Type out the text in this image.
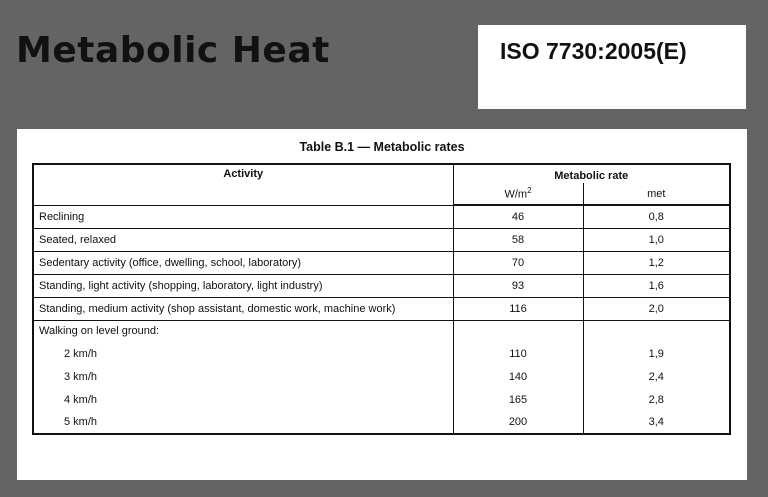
Metabolic Heat	ISO 7730:2005(E)
Table B.1 — Metabolic rates
Activity	Metabolic rate	
	$W/m^2$	met
Reclining	46	0,8
Seated, relaxed	58	1,0
Sedentary activity (office, dwelling, school, laboratory)	70	1,2
Standing, light activity (shopping, laboratory, light industry)	93	1,6
Standing, medium activity (shop assistant, domestic work, machine work)	116	2,0
Walking on level ground:		
2 km/h	110	1,9
3 km/h	140	2,4
4 km/h	165	2,8
5 km/h	200	3,4
